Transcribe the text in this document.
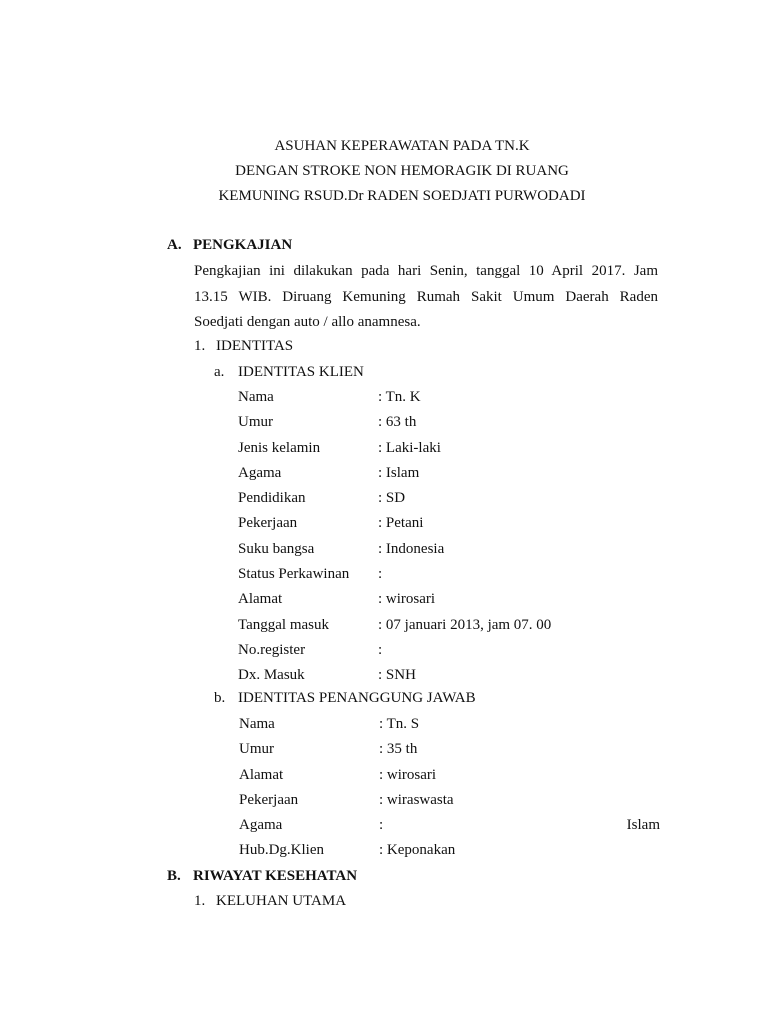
ASUHAN KEPERAWATAN PADA TN.K
DENGAN STROKE NON HEMORAGIK DI RUANG
KEMUNING RSUD.Dr RADEN SOEDJATI PURWODADI
A. PENGKAJIAN
Pengkajian ini dilakukan pada hari Senin, tanggal 10 April 2017. Jam
13.15 WIB. Diruang Kemuning Rumah Sakit Umum Daerah Raden
Soedjati dengan auto / allo anamnesa.
1. IDENTITAS
a. IDENTITAS KLIEN
Nama	: Tn. K
Umur	: 63 th
Jenis kelamin	: Laki-laki
Agama	: Islam
Pendidikan	: SD
Pekerjaan	: Petani
Suku bangsa	: Indonesia
Status Perkawinan	:
Alamat	: wirosari
Tanggal masuk	: 07 januari 2013, jam 07. 00
No.register	:
Dx. Masuk	: SNH
b. IDENTITAS PENANGGUNG JAWAB
Nama	: Tn. S
Umur	: 35 th
Alamat	: wirosari
Pekerjaan	: wiraswasta
Agama	:	Islam
Hub.Dg.Klien	: Keponakan
B. RIWAYAT KESEHATAN
1. KELUHAN UTAMA
